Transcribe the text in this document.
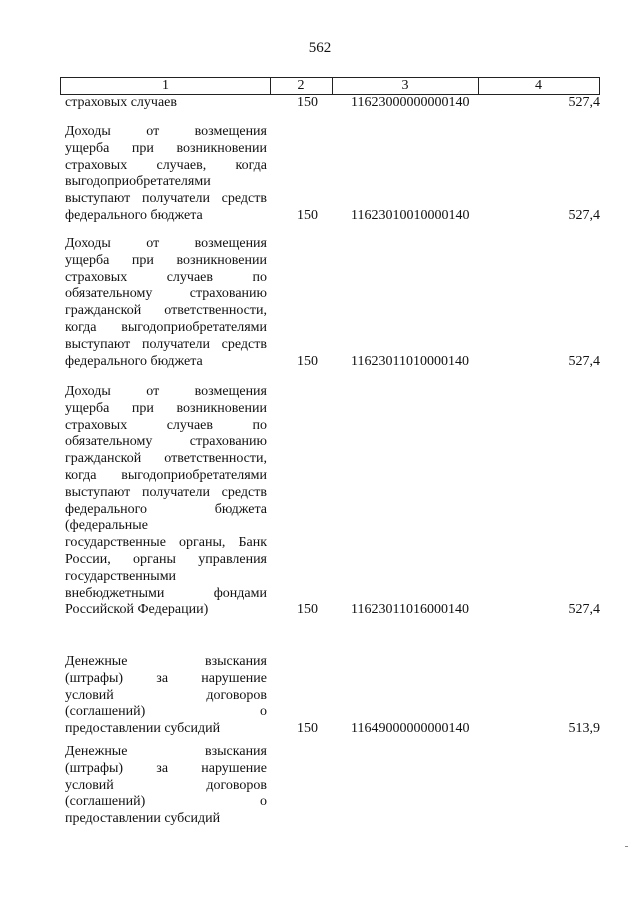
562
1	2	3	4
страховых случаев	150 11623000000000140	527,4
Доходы от возмещения
ущерба при возникновении
страховых случаев, когда
выгодоприобретателями
выступают получатели средств
федерального бюджета	150 11623010010000140	527,4
Доходы от возмещения
ущерба при возникновении
страховых случаев по
обязательному страхованию
гражданской ответственности,
когда выгодоприобретателями
выступают получатели средств
федерального бюджета	150 11623011010000140	527,4
Доходы от возмещения
ущерба при возникновении
страховых случаев по
обязательному страхованию
гражданской ответственности,
когда выгодоприобретателями
выступают получатели средств
федерального бюджета
(федеральные
государственные органы, Банк
России, органы управления
государственными
внебюджетными фондами
Российской Федерации)	150 11623011016000140	527,4
Денежные взыскания
(штрафы) за нарушение
условий договоров
(соглашений) о
предоставлении субсидий	150 11649000000000140	513,9
Денежные взыскания
(штрафы) за нарушение
условий договоров
(соглашений) о
предоставлении субсидий
